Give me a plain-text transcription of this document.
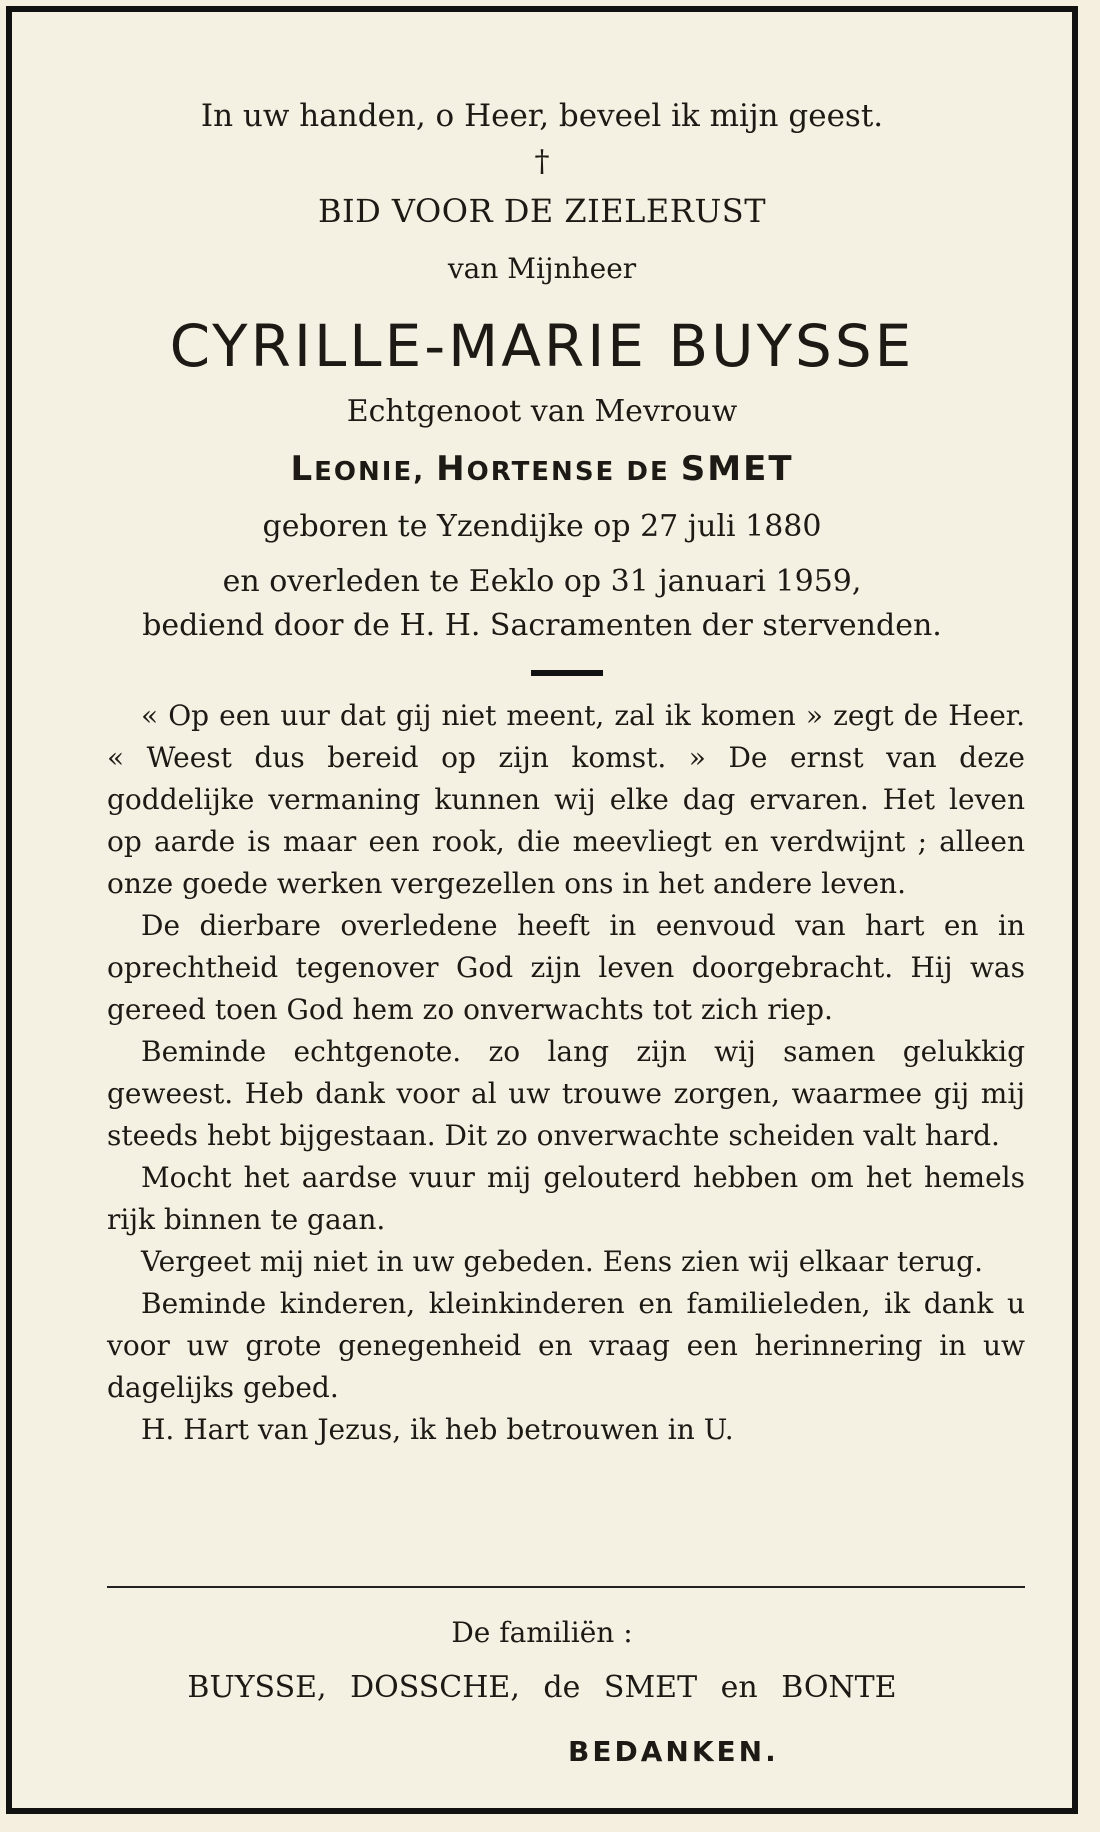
In uw handen, o Heer, beveel ik mijn geest.
†
BID VOOR DE ZIELERUST
van Mijnheer
CYRILLE-MARIE BUYSSE
Echtgenoot van Mevrouw
LEONIE, HORTENSE DE SMET
geboren te Yzendijke op 27 juli 1880
en overleden te Eeklo op 31 januari 1959,
bediend door de H. H. Sacramenten der stervenden.

« Op een uur dat gij niet meent, zal ik komen » zegt de Heer. « Weest dus bereid op zijn komst. » De ernst van deze goddelijke vermaning kunnen wij elke dag ervaren. Het leven op aarde is maar een rook, die meevliegt en verdwijnt ; alleen onze goede werken vergezellen ons in het andere leven.

De dierbare overledene heeft in eenvoud van hart en in oprechtheid tegenover God zijn leven doorgebracht. Hij was gereed toen God hem zo onverwachts tot zich riep.

Beminde echtgenote. zo lang zijn wij samen gelukkig geweest. Heb dank voor al uw trouwe zorgen, waarmee gij mij steeds hebt bijgestaan. Dit zo onverwachte scheiden valt hard.

Mocht het aardse vuur mij gelouterd hebben om het hemels rijk binnen te gaan.

Vergeet mij niet in uw gebeden. Eens zien wij elkaar terug.

Beminde kinderen, kleinkinderen en familieleden, ik dank u voor uw grote genegenheid en vraag een herinnering in uw dagelijks gebed.

H. Hart van Jezus, ik heb betrouwen in U.

De familiën :
BUYSSE, DOSSCHE, de SMET en BONTE
BEDANKEN.
